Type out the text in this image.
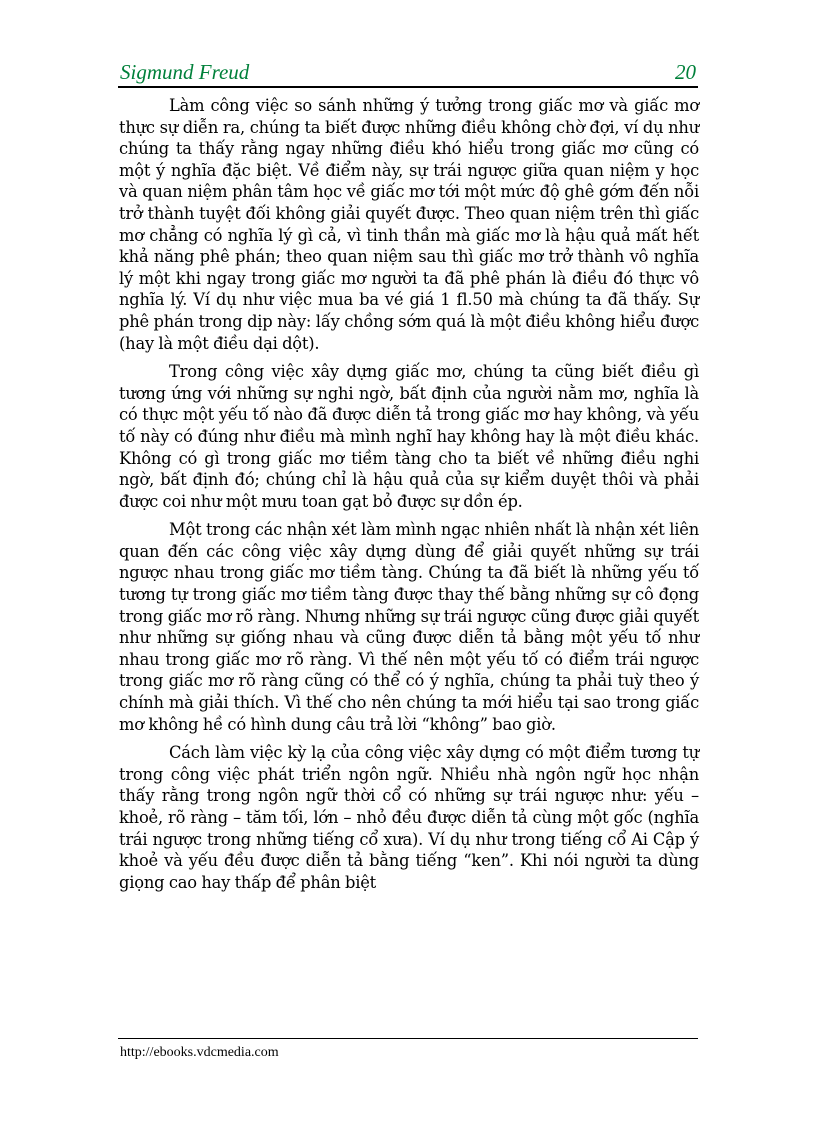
Sigmund Freud	20

Làm công việc so sánh những ý tưởng trong giấc mơ và giấc mơ thực sự diễn ra, chúng ta biết được những điều không chờ đợi, ví dụ như chúng ta thấy rằng ngay những điều khó hiểu trong giấc mơ cũng có một ý nghĩa đặc biệt. Về điểm này, sự trái ngược giữa quan niệm y học và quan niệm phân tâm học về giấc mơ tới một mức độ ghê gớm đến nỗi trở thành tuyệt đối không giải quyết được. Theo quan niệm trên thì giấc mơ chẳng có nghĩa lý gì cả, vì tinh thần mà giấc mơ là hậu quả mất hết khả năng phê phán; theo quan niệm sau thì giấc mơ trở thành vô nghĩa lý một khi ngay trong giấc mơ người ta đã phê phán là điều đó thực vô nghĩa lý. Ví dụ như việc mua ba vé giá 1 fl.50 mà chúng ta đã thấy. Sự phê phán trong dịp này: lấy chồng sớm quá là một điều không hiểu được (hay là một điều dại dột).

Trong công việc xây dựng giấc mơ, chúng ta cũng biết điều gì tương ứng với những sự nghi ngờ, bất định của người nằm mơ, nghĩa là có thực một yếu tố nào đã được diễn tả trong giấc mơ hay không, và yếu tố này có đúng như điều mà mình nghĩ hay không hay là một điều khác. Không có gì trong giấc mơ tiềm tàng cho ta biết về những điều nghi ngờ, bất định đó; chúng chỉ là hậu quả của sự kiểm duyệt thôi và phải được coi như một mưu toan gạt bỏ được sự dồn ép.

Một trong các nhận xét làm mình ngạc nhiên nhất là nhận xét liên quan đến các công việc xây dựng dùng để giải quyết những sự trái ngược nhau trong giấc mơ tiềm tàng. Chúng ta đã biết là những yếu tố tương tự trong giấc mơ tiềm tàng được thay thế bằng những sự cô đọng trong giấc mơ rõ ràng. Nhưng những sự trái ngược cũng được giải quyết như những sự giống nhau và cũng được diễn tả bằng một yếu tố như nhau trong giấc mơ rõ ràng. Vì thế nên một yếu tố có điểm trái ngược trong giấc mơ rõ ràng cũng có thể có ý nghĩa, chúng ta phải tuỳ theo ý chính mà giải thích. Vì thế cho nên chúng ta mới hiểu tại sao trong giấc mơ không hề có hình dung câu trả lời “không” bao giờ.

Cách làm việc kỳ lạ của công việc xây dựng có một điểm tương tự trong công việc phát triển ngôn ngữ. Nhiều nhà ngôn ngữ học nhận thấy rằng trong ngôn ngữ thời cổ có những sự trái ngược như: yếu – khoẻ, rõ ràng – tăm tối, lớn – nhỏ đều được diễn tả cùng một gốc (nghĩa trái ngược trong những tiếng cổ xưa). Ví dụ như trong tiếng cổ Ai Cập ý khoẻ và yếu đều được diễn tả bằng tiếng “ken”. Khi nói người ta dùng giọng cao hay thấp để phân biệt

http://ebooks.vdcmedia.com
